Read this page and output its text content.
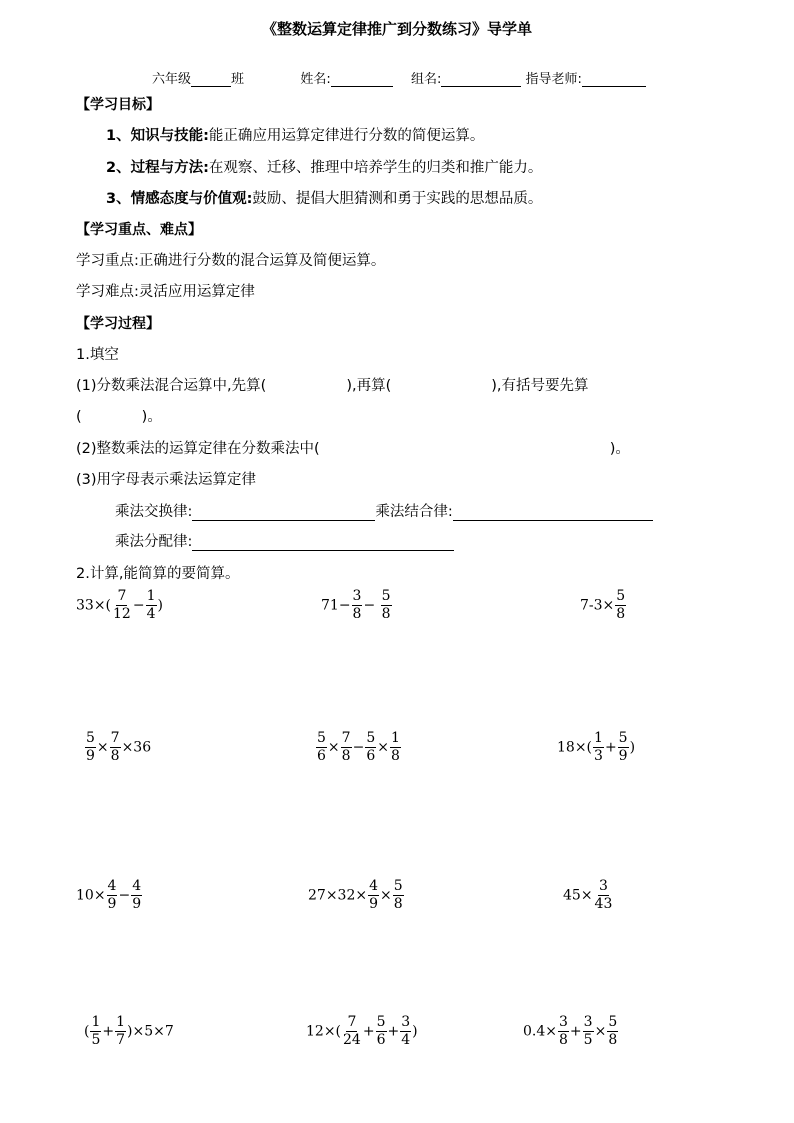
《整数运算定律推广到分数练习》导学单
六年级	班	姓名:	组名:	指导老师:
【学习目标】
1、知识与技能:能正确应用运算定律进行分数的简便运算。
2、过程与方法:在观察、迁移、推理中培养学生的归类和推广能力。
3、情感态度与价值观:鼓励、提倡大胆猜测和勇于实践的思想品质。
【学习重点、难点】
学习重点:正确进行分数的混合运算及简便运算。
学习难点:灵活应用运算定律
【学习过程】
1.填空
(1)分数乘法混合运算中,先算(	),再算(	),有括号要先算
(	)。
(2)整数乘法的运算定律在分数乘法中(	)。
(3)用字母表示乘法运算定律
乘法交换律:	乘法结合律:
乘法分配律:
2.计算,能简算的要简算。
$33\times( \frac{7}{12} - \frac{1}{4}$ )	$71- \frac{3}{8} - \frac{5}{8}$	$7-3\times \frac{5}{8}$
$\frac{5}{9} \times \frac{7}{8} \times 36$	$\frac{5}{6} \times \frac{7}{8} - \frac{5}{6} \times \frac{1}{8}$	$18\times( \frac{1}{3} + \frac{5}{9}$ )
$10\times \frac{4}{9} - \frac{4}{9}$	$27\times 32\times \frac{4}{9} \times \frac{5}{8}$	$45\times \frac{3}{43}$
( $\frac{1}{5} + \frac{1}{7} )\times 5\times 7$	$12\times( \frac{7}{24} + \frac{5}{6} + \frac{3}{4}$ )	$0.4\times \frac{3}{8} + \frac{3}{5} \times \frac{5}{8}$
